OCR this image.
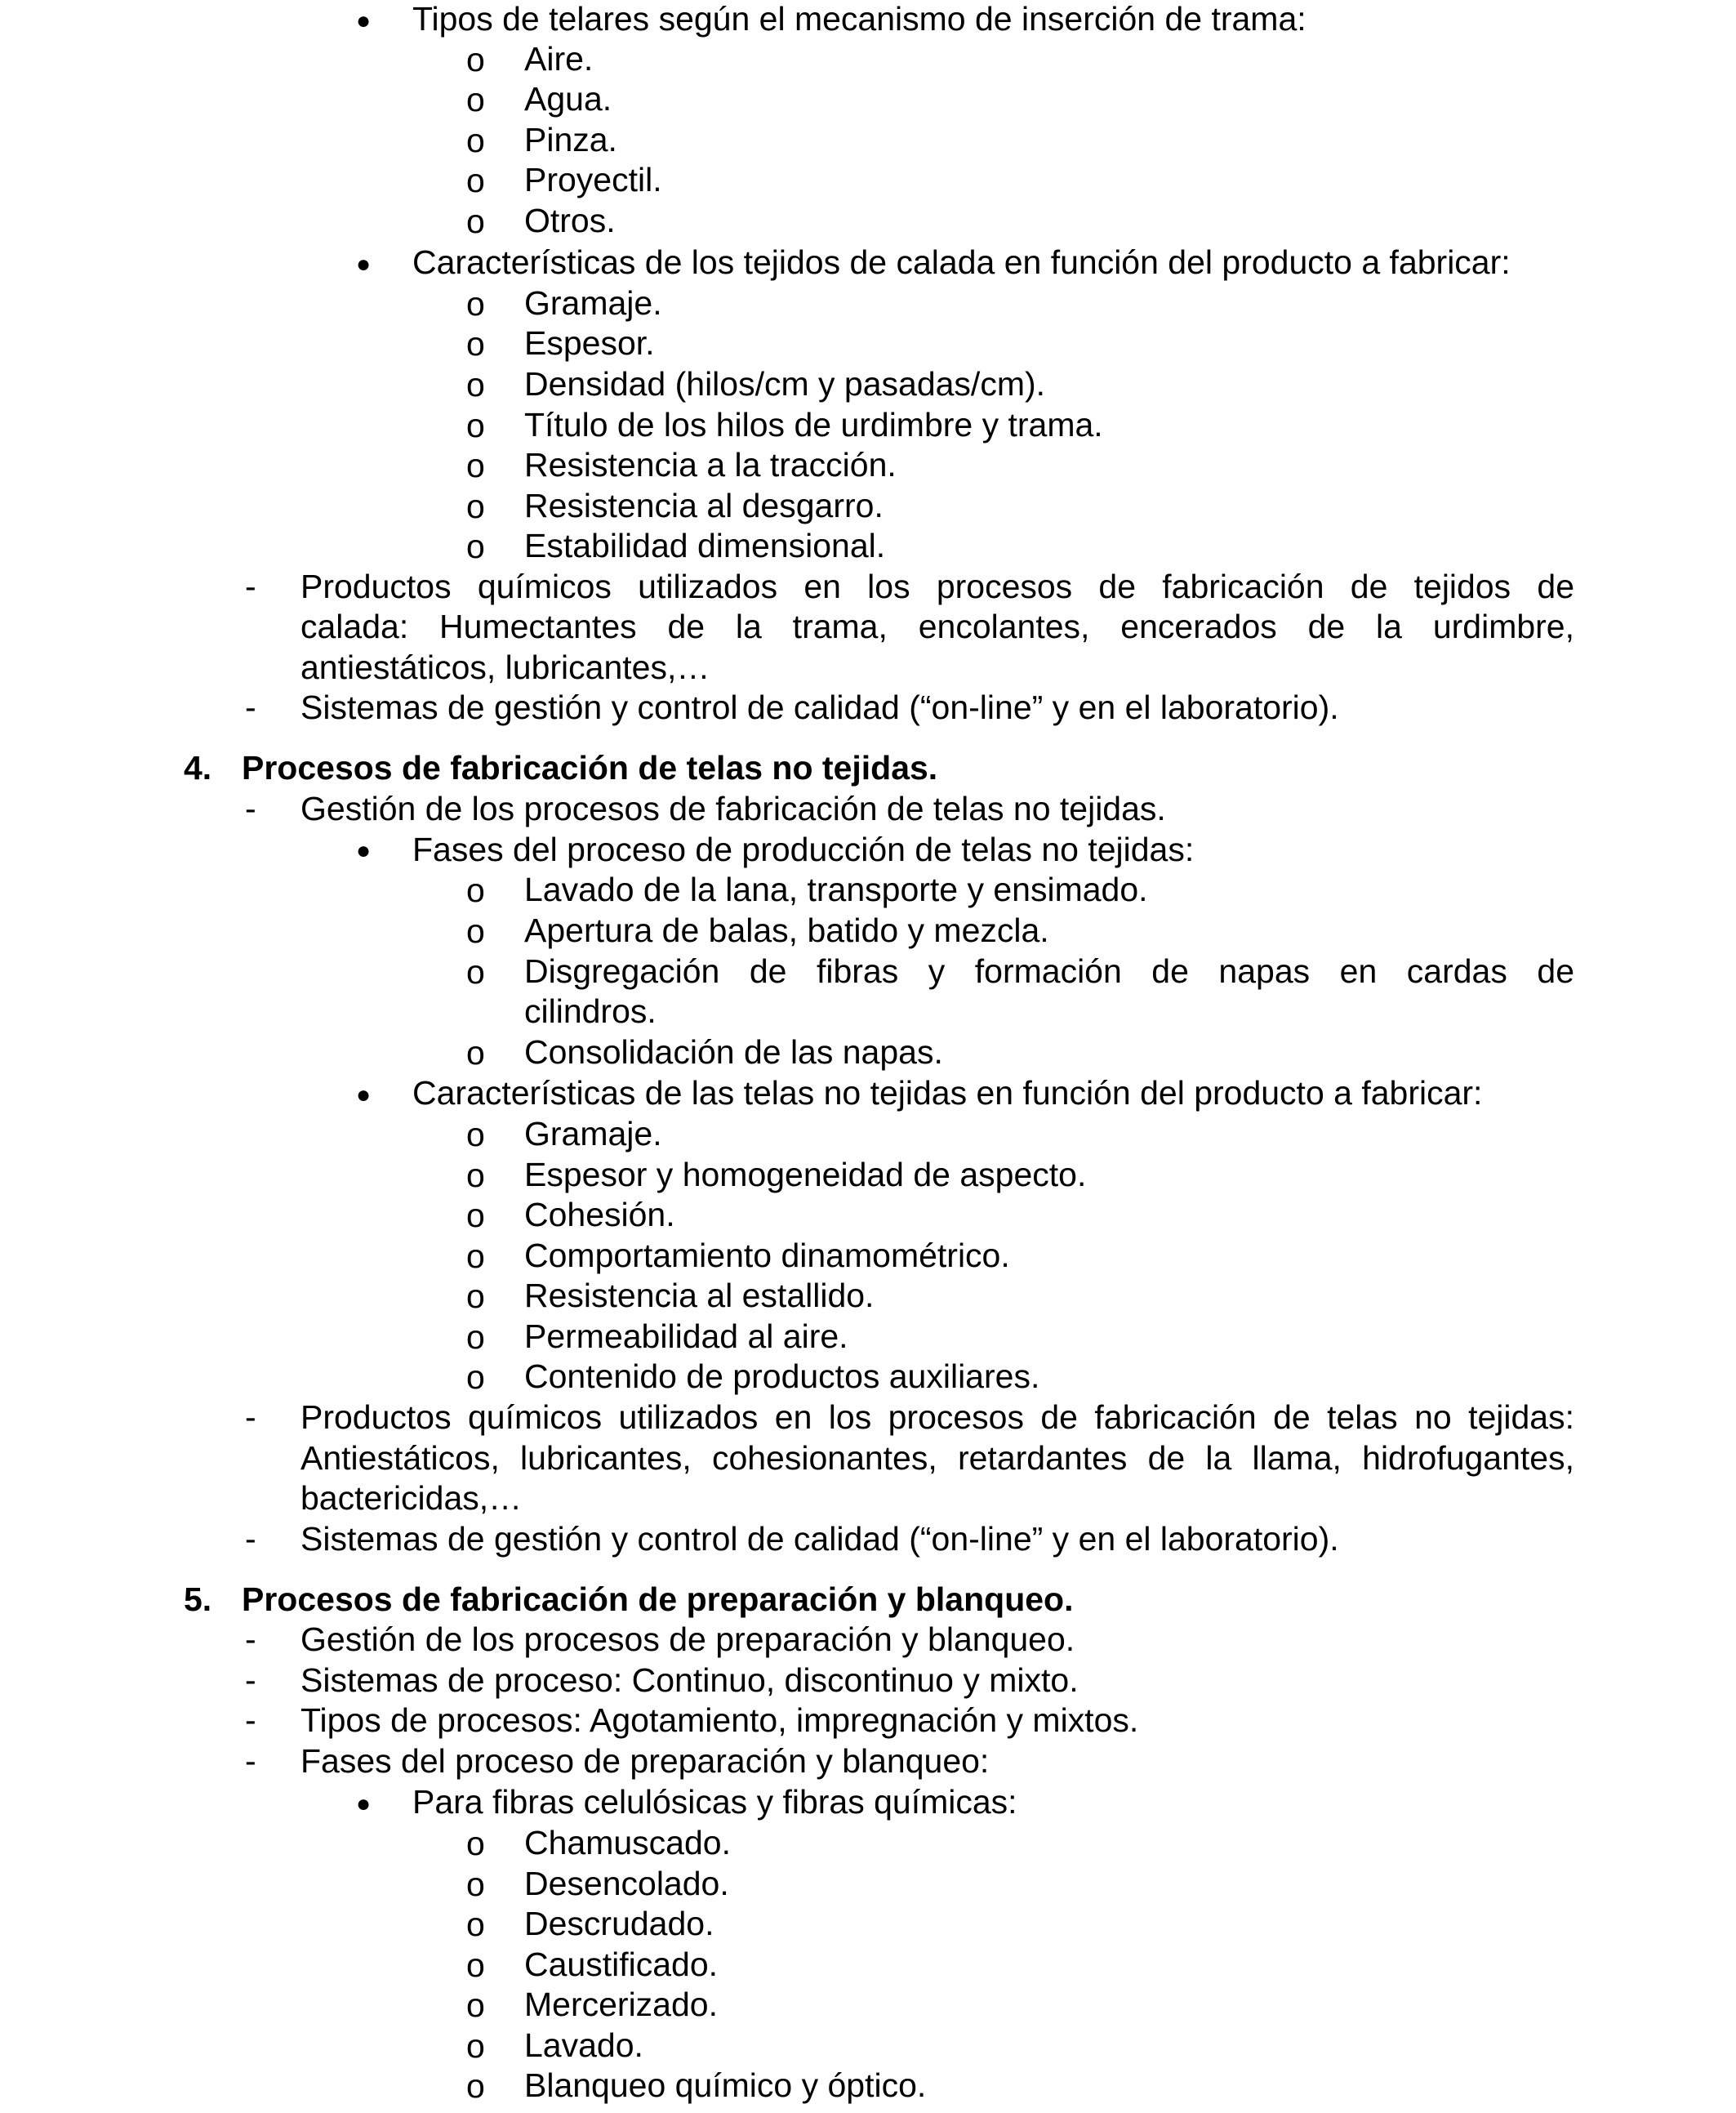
● Tipos de telares según el mecanismo de inserción de trama:
o Aire.
o Agua.
o Pinza.
o Proyectil.
o Otros.
● Características de los tejidos de calada en función del producto a fabricar:
o Gramaje.
o Espesor.
o Densidad (hilos/cm y pasadas/cm).
o Título de los hilos de urdimbre y trama.
o Resistencia a la tracción.
o Resistencia al desgarro.
o Estabilidad dimensional.
- Productos químicos utilizados en los procesos de fabricación de tejidos de
calada: Humectantes de la trama, encolantes, encerados de la urdimbre,
antiestáticos, lubricantes,…
- Sistemas de gestión y control de calidad (“on-line” y en el laboratorio).
4. Procesos de fabricación de telas no tejidas.
- Gestión de los procesos de fabricación de telas no tejidas.
● Fases del proceso de producción de telas no tejidas:
o Lavado de la lana, transporte y ensimado.
o Apertura de balas, batido y mezcla.
o Disgregación de fibras y formación de napas en cardas de
cilindros.
o Consolidación de las napas.
● Características de las telas no tejidas en función del producto a fabricar:
o Gramaje.
o Espesor y homogeneidad de aspecto.
o Cohesión.
o Comportamiento dinamométrico.
o Resistencia al estallido.
o Permeabilidad al aire.
o Contenido de productos auxiliares.
- Productos químicos utilizados en los procesos de fabricación de telas no tejidas:
Antiestáticos, lubricantes, cohesionantes, retardantes de la llama, hidrofugantes,
bactericidas,…
- Sistemas de gestión y control de calidad (“on-line” y en el laboratorio).
5. Procesos de fabricación de preparación y blanqueo.
- Gestión de los procesos de preparación y blanqueo.
- Sistemas de proceso: Continuo, discontinuo y mixto.
- Tipos de procesos: Agotamiento, impregnación y mixtos.
- Fases del proceso de preparación y blanqueo:
● Para fibras celulósicas y fibras químicas:
o Chamuscado.
o Desencolado.
o Descrudado.
o Caustificado.
o Mercerizado.
o Lavado.
o Blanqueo químico y óptico.
